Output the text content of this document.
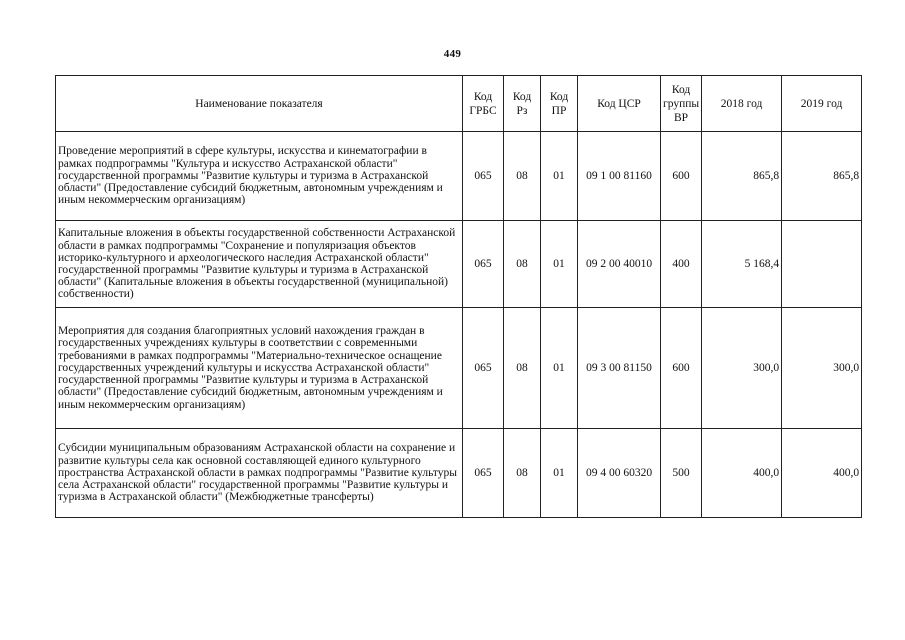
449
Наименование показателя	Код ГРБС	Код Рз	Код ПР	Код ЦСР	Код группы ВР	2018 год	2019 год
Проведение мероприятий в сфере культуры, искусства и кинематографии в рамках подпрограммы "Культура и искусство Астраханской области" государственной программы "Развитие культуры и туризма в Астраханской области" (Предоставление субсидий бюджетным, автономным учреждениям и иным некоммерческим организациям)	065	08	01	09 1 00 81160	600	865,8	865,8
Капитальные вложения в объекты государственной собственности Астраханской области в рамках подпрограммы "Сохранение и популяризация объектов историко-культурного и археологического наследия Астраханской области" государственной программы "Развитие культуры и туризма в Астраханской области" (Капитальные вложения в объекты государственной (муниципальной) собственности)	065	08	01	09 2 00 40010	400	5 168,4	
Мероприятия для создания благоприятных условий нахождения граждан в государственных учреждениях культуры в соответствии с современными требованиями в рамках подпрограммы "Материально-техническое оснащение государственных учреждений культуры и искусства Астраханской области" государственной программы "Развитие культуры и туризма в Астраханской области" (Предоставление субсидий бюджетным, автономным учреждениям и иным некоммерческим организациям)	065	08	01	09 3 00 81150	600	300,0	300,0
Субсидии муниципальным образованиям Астраханской области на сохранение и развитие культуры села как основной составляющей единого культурного пространства Астраханской области в рамках подпрограммы "Развитие культуры села Астраханской области" государственной программы "Развитие культуры и туризма в Астраханской области" (Межбюджетные трансферты)	065	08	01	09 4 00 60320	500	400,0	400,0
